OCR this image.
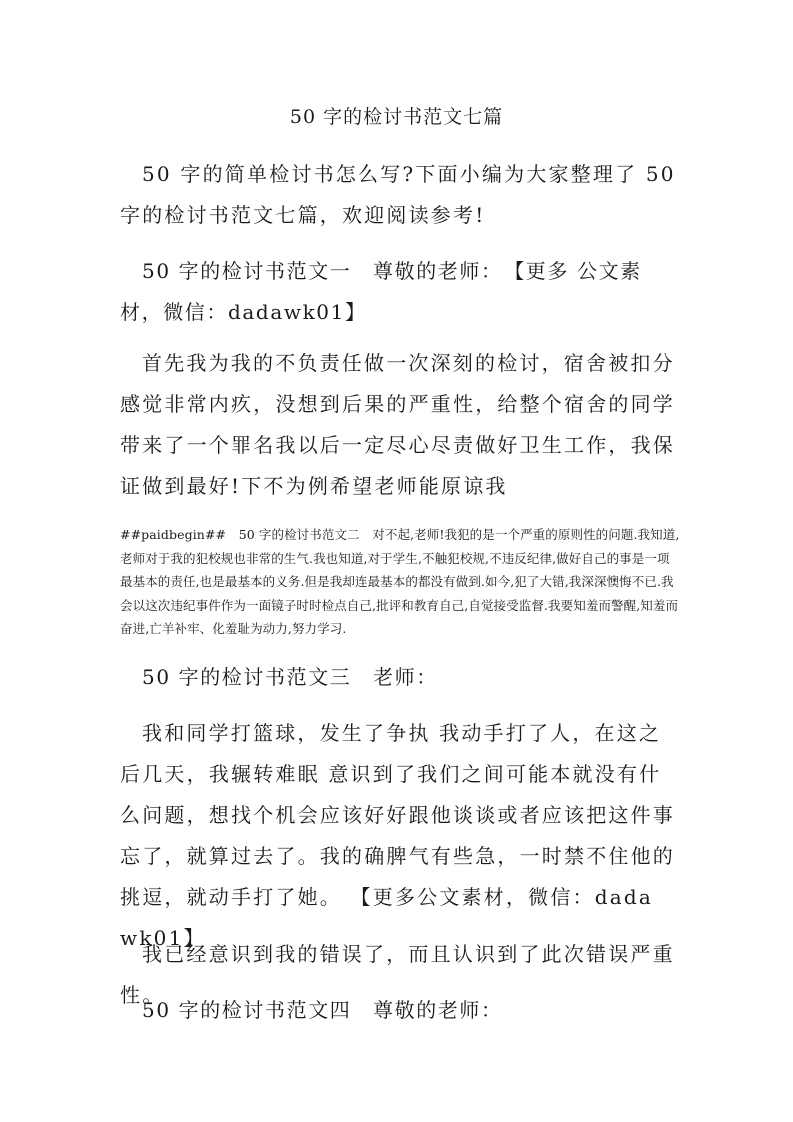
50 字的检讨书范文七篇

50 字的简单检讨书怎么写?下面小编为大家整理了 50 字的检讨书范文七篇，欢迎阅读参考!

50 字的检讨书范文一　尊敬的老师：　【更多 公文素材，微信：dadawk01】

首先我为我的不负责任做一次深刻的检讨，宿舍被扣分感觉非常内疚，没想到后果的严重性，给整个宿舍的同学带来了一个罪名我以后一定尽心尽责做好卫生工作，我保证做到最好!下不为例希望老师能原谅我

##paidbegin##　50 字的检讨书范文二　对不起,老师!我犯的是一个严重的原则性的问题.我知道,老师对于我的犯校规也非常的生气.我也知道,对于学生,不触犯校规,不违反纪律,做好自己的事是一项最基本的责任,也是最基本的义务.但是我却连最基本的都没有做到.如今,犯了大错,我深深懊悔不已.我会以这次违纪事件作为一面镜子时时检点自己,批评和教育自己,自觉接受监督.我要知羞而警醒,知羞而奋进,亡羊补牢、化羞耻为动力,努力学习.

50 字的检讨书范文三　老师：

我和同学打篮球，发生了争执 我动手打了人，在这之后几天，我辗转难眠 意识到了我们之间可能本就没有什么问题，想找个机会应该好好跟他谈谈或者应该把这件事忘了，就算过去了。我的确脾气有些急，一时禁不住他的挑逗，就动手打了她。 【更多公文素材，微信：dada wk01】

我已经意识到我的错误了，而且认识到了此次错误严重性。

50 字的检讨书范文四　尊敬的老师：
